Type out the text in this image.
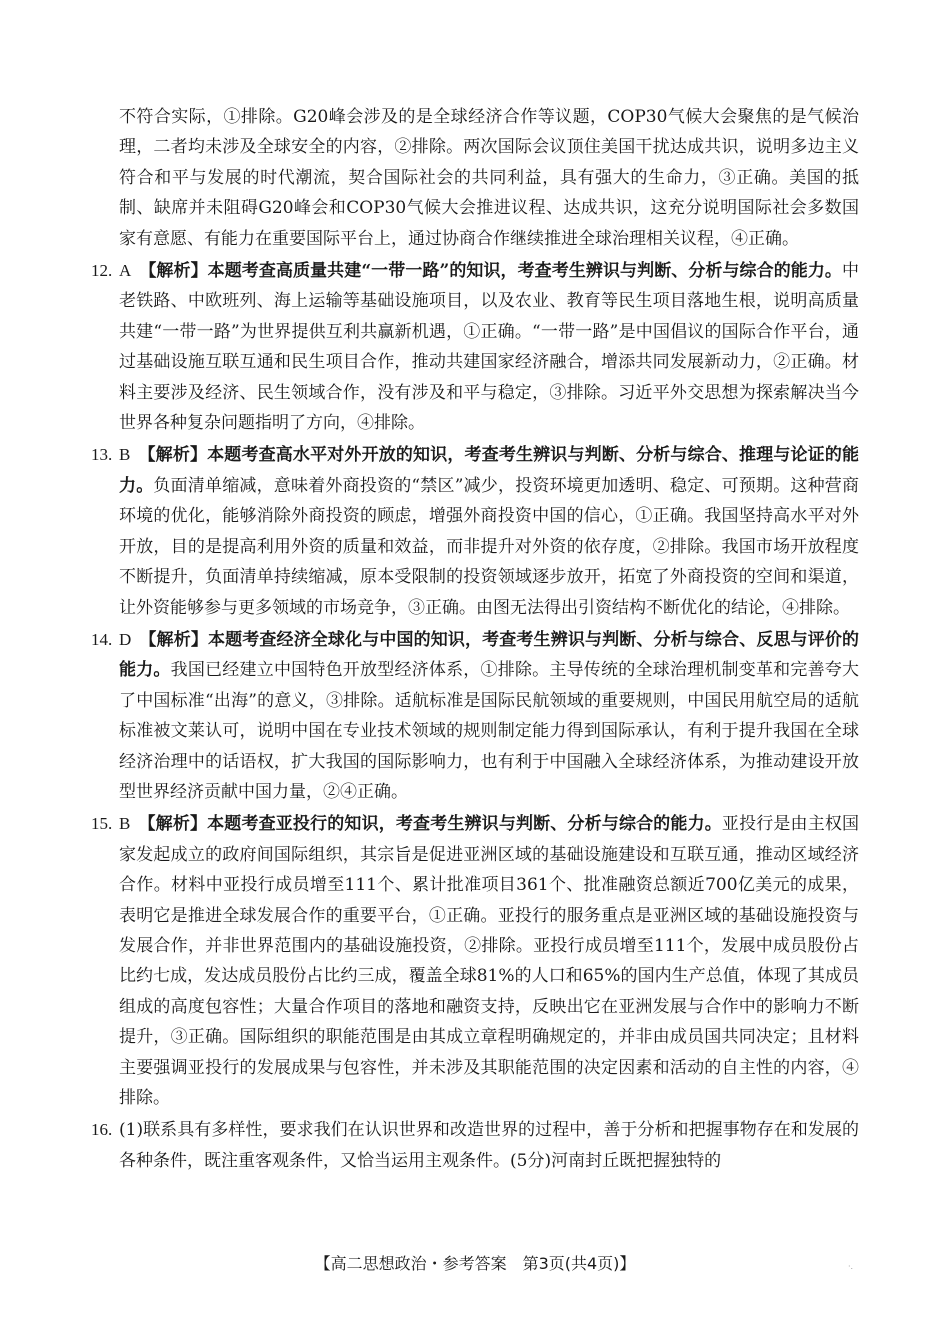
不符合实际，①排除。G20峰会涉及的是全球经济合作等议题，COP30气候大会聚焦的是气候治理，二者均未涉及全球安全的内容，②排除。两次国际会议顶住美国干扰达成共识，说明多边主义符合和平与发展的时代潮流，契合国际社会的共同利益，具有强大的生命力，③正确。美国的抵制、缺席并未阻碍G20峰会和COP30气候大会推进议程、达成共识，这充分说明国际社会多数国家有意愿、有能力在重要国际平台上，通过协商合作继续推进全球治理相关议程，④正确。

12. A 【解析】本题考查高质量共建“一带一路”的知识，考查考生辨识与判断、分析与综合的能力。中老铁路、中欧班列、海上运输等基础设施项目，以及农业、教育等民生项目落地生根，说明高质量共建“一带一路”为世界提供互利共赢新机遇，①正确。“一带一路”是中国倡议的国际合作平台，通过基础设施互联互通和民生项目合作，推动共建国家经济融合，增添共同发展新动力，②正确。材料主要涉及经济、民生领域合作，没有涉及和平与稳定，③排除。习近平外交思想为探索解决当今世界各种复杂问题指明了方向，④排除。
13. B 【解析】本题考查高水平对外开放的知识，考查考生辨识与判断、分析与综合、推理与论证的能力。负面清单缩减，意味着外商投资的“禁区”减少，投资环境更加透明、稳定、可预期。这种营商环境的优化，能够消除外商投资的顾虑，增强外商投资中国的信心，①正确。我国坚持高水平对外开放，目的是提高利用外资的质量和效益，而非提升对外资的依存度，②排除。我国市场开放程度不断提升，负面清单持续缩减，原本受限制的投资领域逐步放开，拓宽了外商投资的空间和渠道，让外资能够参与更多领域的市场竞争，③正确。由图无法得出引资结构不断优化的结论，④排除。
14. D 【解析】本题考查经济全球化与中国的知识，考查考生辨识与判断、分析与综合、反思与评价的能力。我国已经建立中国特色开放型经济体系，①排除。主导传统的全球治理机制变革和完善夸大了中国标准“出海”的意义，③排除。适航标准是国际民航领域的重要规则，中国民用航空局的适航标准被文莱认可，说明中国在专业技术领域的规则制定能力得到国际承认，有利于提升我国在全球经济治理中的话语权，扩大我国的国际影响力，也有利于中国融入全球经济体系，为推动建设开放型世界经济贡献中国力量，②④正确。
15. B 【解析】本题考查亚投行的知识，考查考生辨识与判断、分析与综合的能力。亚投行是由主权国家发起成立的政府间国际组织，其宗旨是促进亚洲区域的基础设施建设和互联互通，推动区域经济合作。材料中亚投行成员增至111个、累计批准项目361个、批准融资总额近700亿美元的成果，表明它是推进全球发展合作的重要平台，①正确。亚投行的服务重点是亚洲区域的基础设施投资与发展合作，并非世界范围内的基础设施投资，②排除。亚投行成员增至111个，发展中成员股份占比约七成，发达成员股份占比约三成，覆盖全球81%的人口和65%的国内生产总值，体现了其成员组成的高度包容性；大量合作项目的落地和融资支持，反映出它在亚洲发展与合作中的影响力不断提升，③正确。国际组织的职能范围是由其成立章程明确规定的，并非由成员国共同决定；且材料主要强调亚投行的发展成果与包容性，并未涉及其职能范围的决定因素和活动的自主性的内容，④排除。
16. (1)联系具有多样性，要求我们在认识世界和改造世界的过程中，善于分析和把握事物存在和发展的各种条件，既注重客观条件，又恰当运用主观条件。(5分)河南封丘既把握独特的
【高二思想政治・参考答案　第3页(共4页)】	·.
